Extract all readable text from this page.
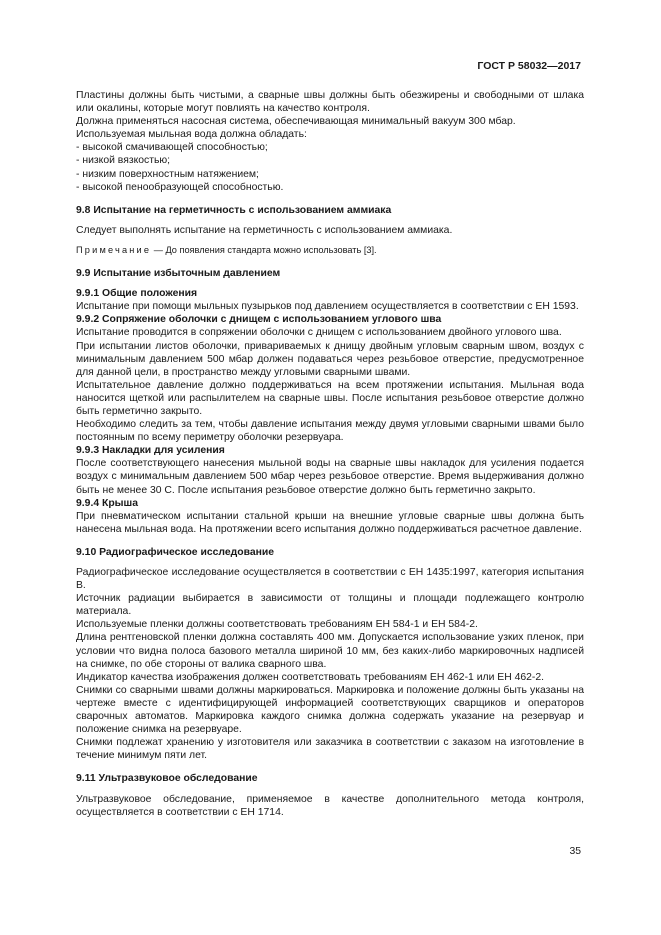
ГОСТ Р 58032—2017

Пластины должны быть чистыми, а сварные швы должны быть обезжирены и свободными от шлака или окалины, которые могут повлиять на качество контроля.

Должна применяться насосная система, обеспечивающая минимальный вакуум 300 мбар.

Используемая мыльная вода должна обладать:

- высокой смачивающей способностью;

- низкой вязкостью;

- низким поверхностным натяжением;

- высокой пенообразующей способностью.

9.8 Испытание на герметичность с использованием аммиака

Следует выполнять испытание на герметичность с использованием аммиака.

Примечание — До появления стандарта можно использовать [3].

9.9 Испытание избыточным давлением

9.9.1 Общие положения

Испытание при помощи мыльных пузырьков под давлением осуществляется в соответствии с ЕН 1593.

9.9.2 Сопряжение оболочки с днищем с использованием углового шва

Испытание проводится в сопряжении оболочки с днищем с использованием двойного углового шва.

При испытании листов оболочки, привариваемых к днищу двойным угловым сварным швом, воздух с минимальным давлением 500 мбар должен подаваться через резьбовое отверстие, предусмотренное для данной цели, в пространство между угловыми сварными швами.

Испытательное давление должно поддерживаться на всем протяжении испытания. Мыльная вода наносится щеткой или распылителем на сварные швы. После испытания резьбовое отверстие должно быть герметично закрыто.

Необходимо следить за тем, чтобы давление испытания между двумя угловыми сварными швами было постоянным по всему периметру оболочки резервуара.

9.9.3 Накладки для усиления

После соответствующего нанесения мыльной воды на сварные швы накладок для усиления подается воздух с минимальным давлением 500 мбар через резьбовое отверстие. Время выдерживания должно быть не менее 30 С. После испытания резьбовое отверстие должно быть герметично закрыто.

9.9.4 Крыша

При пневматическом испытании стальной крыши на внешние угловые сварные швы должна быть нанесена мыльная вода. На протяжении всего испытания должно поддерживаться расчетное давление.

9.10 Радиографическое исследование

Радиографическое исследование осуществляется в соответствии с ЕН 1435:1997, категория испытания В.

Источник радиации выбирается в зависимости от толщины и площади подлежащего контролю материала.

Используемые пленки должны соответствовать требованиям ЕН 584-1 и ЕН 584-2.

Длина рентгеновской пленки должна составлять 400 мм. Допускается использование узких пленок, при условии что видна полоса базового металла шириной 10 мм, без каких-либо маркировочных надписей на снимке, по обе стороны от валика сварного шва.

Индикатор качества изображения должен соответствовать требованиям ЕН 462-1 или ЕН 462-2.

Снимки со сварными швами должны маркироваться. Маркировка и положение должны быть указаны на чертеже вместе с идентифицирующей информацией соответствующих сварщиков и операторов сварочных автоматов. Маркировка каждого снимка должна содержать указание на резервуар и положение снимка на резервуаре.

Снимки подлежат хранению у изготовителя или заказчика в соответствии с заказом на изготовление в течение минимум пяти лет.

9.11 Ультразвуковое обследование

Ультразвуковое обследование, применяемое в качестве дополнительного метода контроля, осуществляется в соответствии с ЕН 1714.

35
